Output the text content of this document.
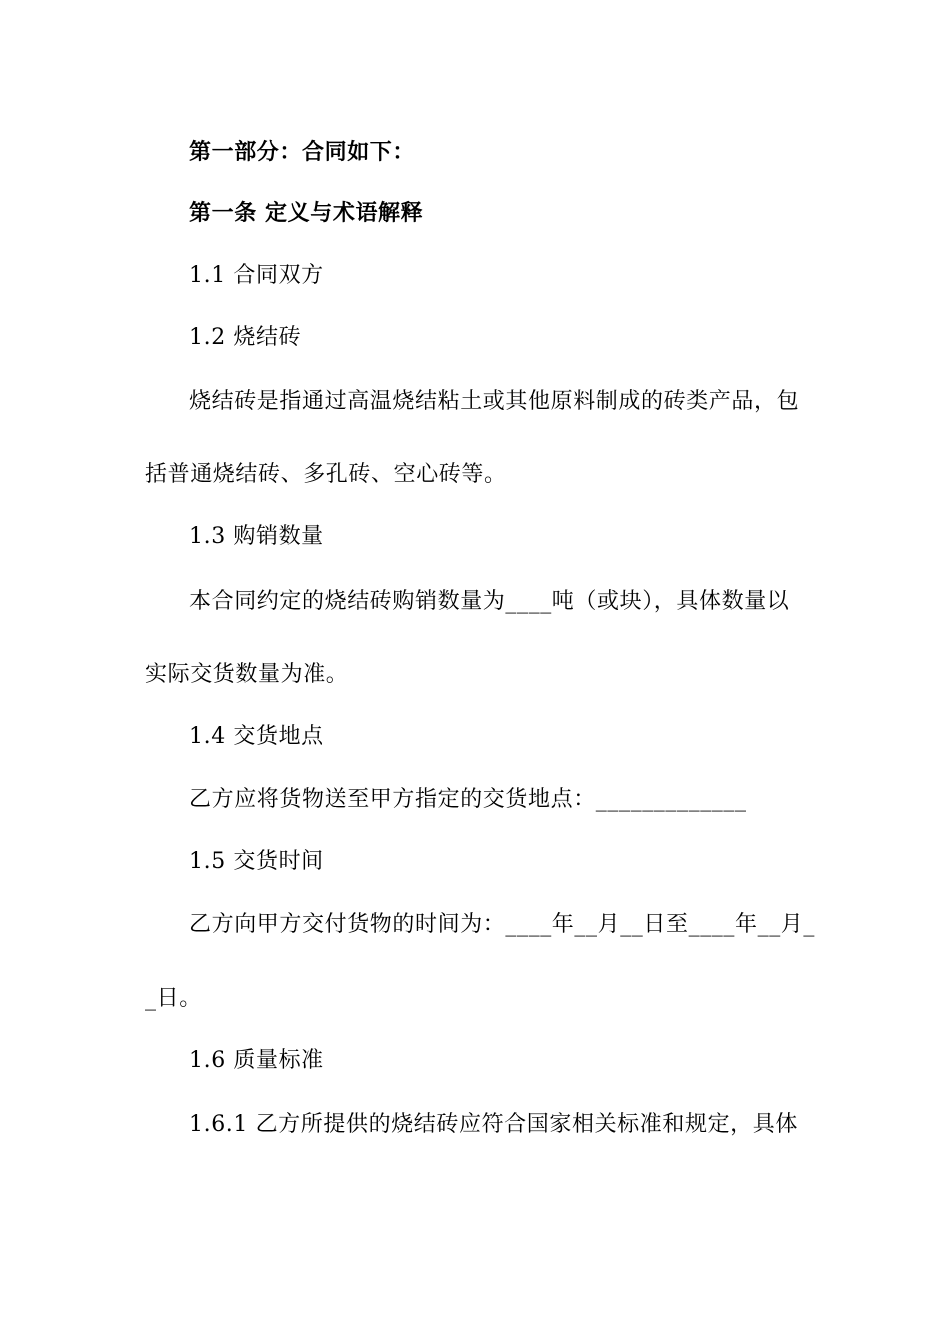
第一部分：合同如下：
第一条 定义与术语解释
1.1 合同双方
1.2 烧结砖
烧结砖是指通过高温烧结粘土或其他原料制成的砖类产品，包
括普通烧结砖、多孔砖、空心砖等。
1.3 购销数量
本合同约定的烧结砖购销数量为____吨（或块），具体数量以
实际交货数量为准。
1.4 交货地点
乙方应将货物送至甲方指定的交货地点：_____________
1.5 交货时间
乙方向甲方交付货物的时间为：____年__月__日至____年__月_
_日。
1.6 质量标准
1.6.1 乙方所提供的烧结砖应符合国家相关标准和规定，具体
